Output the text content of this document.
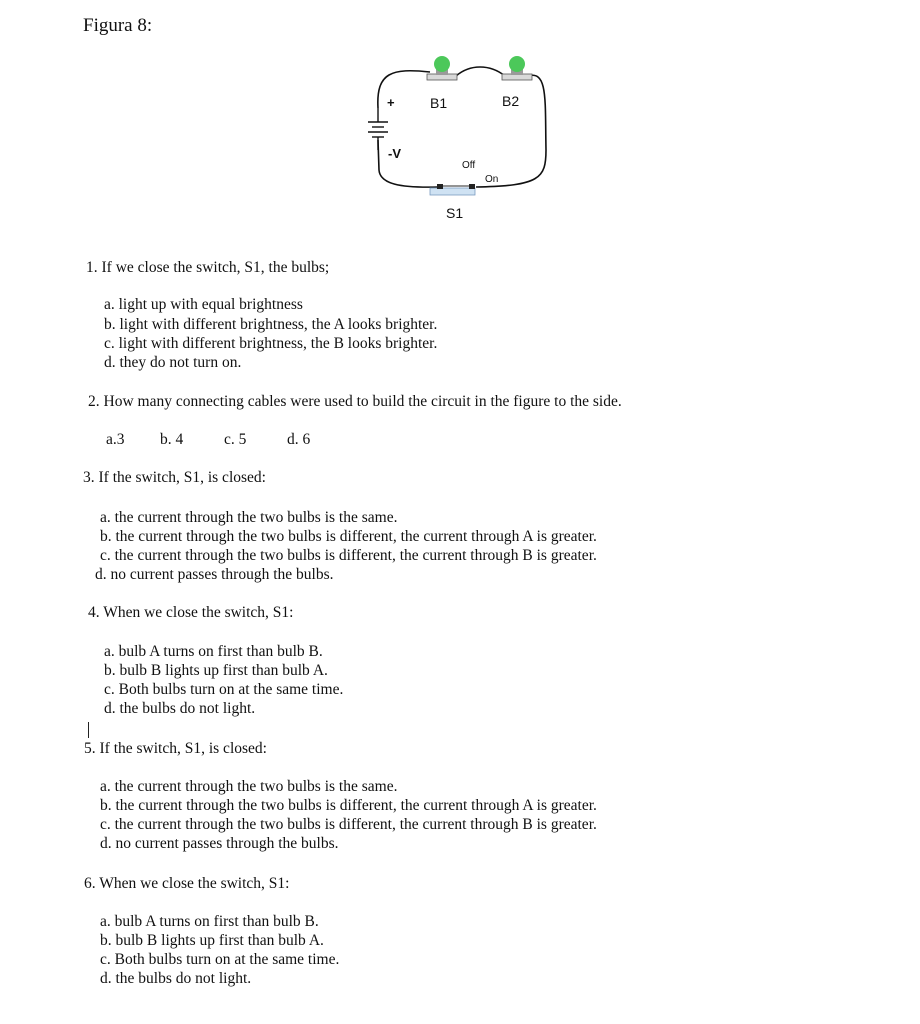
Figura 8:
+
-V
B1	B2
Off
On
S1
1. If we close the switch, S1, the bulbs;
a. light up with equal brightness
b. light with different brightness, the A looks brighter.
c. light with different brightness, the B looks brighter.
d. they do not turn on.
2. How many connecting cables were used to build the circuit in the figure to the side.
a.3 b. 4	c. 5	d. 6
3. If the switch, S1, is closed:
a. the current through the two bulbs is the same.
b. the current through the two bulbs is different, the current through A is greater.
c. the current through the two bulbs is different, the current through B is greater.
d. no current passes through the bulbs.
4. When we close the switch, S1:
a. bulb A turns on first than bulb B.
b. bulb B lights up first than bulb A.
c. Both bulbs turn on at the same time.
d. the bulbs do not light.
5. If the switch, S1, is closed:
a. the current through the two bulbs is the same.
b. the current through the two bulbs is different, the current through A is greater.
c. the current through the two bulbs is different, the current through B is greater.
d. no current passes through the bulbs.
6. When we close the switch, S1:
a. bulb A turns on first than bulb B.
b. bulb B lights up first than bulb A.
c. Both bulbs turn on at the same time.
d. the bulbs do not light.
